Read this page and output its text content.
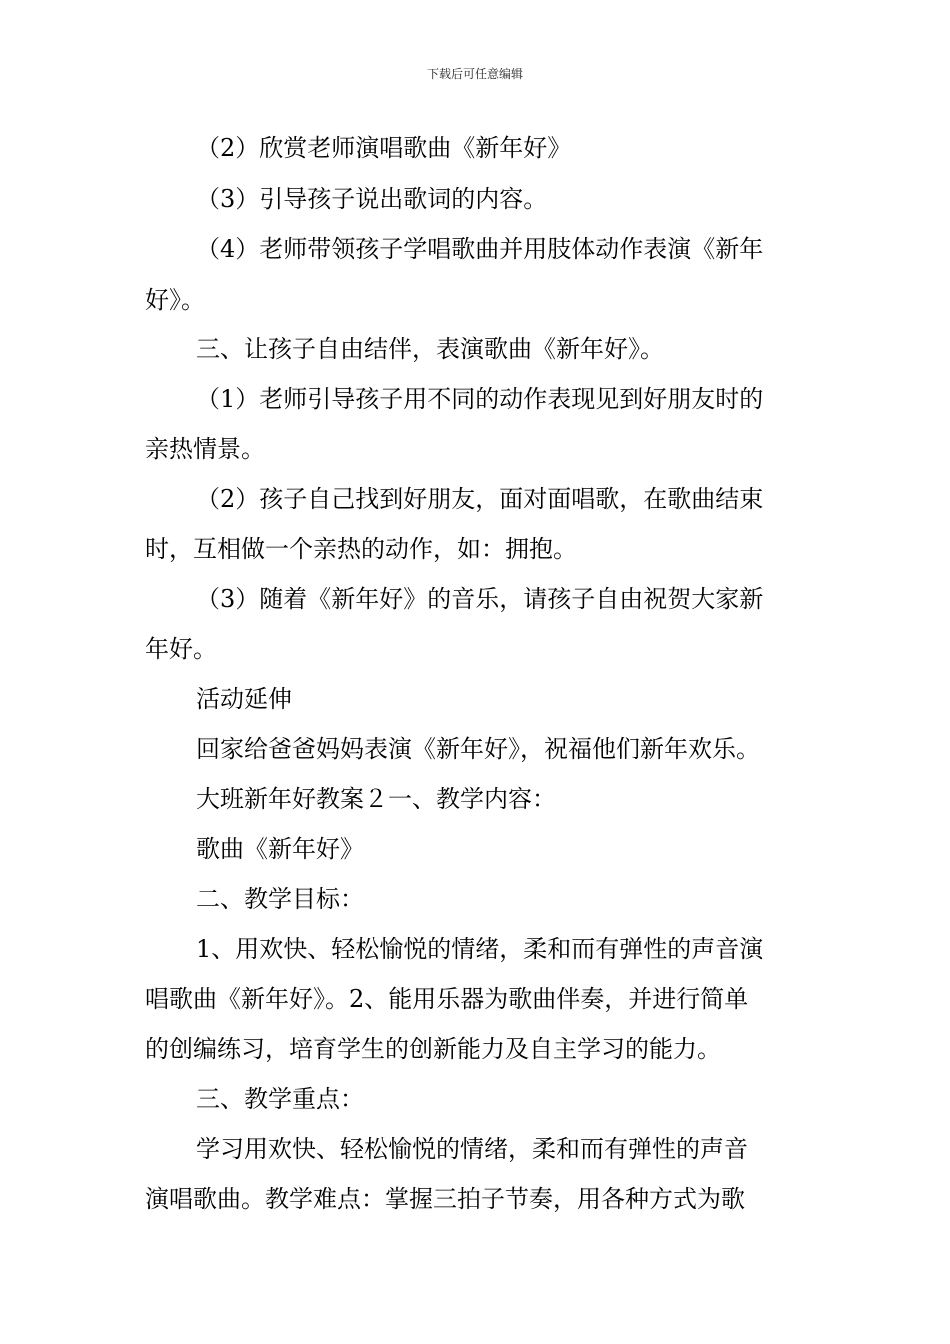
下载后可任意编辑
（2）欣赏老师演唱歌曲《新年好》
（3）引导孩子说出歌词的内容。
（4）老师带领孩子学唱歌曲并用肢体动作表演《新年
好》。
三、让孩子自由结伴，表演歌曲《新年好》。
（1）老师引导孩子用不同的动作表现见到好朋友时的
亲热情景。
（2）孩子自己找到好朋友，面对面唱歌，在歌曲结束
时，互相做一个亲热的动作，如：拥抱。
（3）随着《新年好》的音乐，请孩子自由祝贺大家新
年好。
活动延伸
回家给爸爸妈妈表演《新年好》，祝福他们新年欢乐。
大班新年好教案２一、教学内容：
歌曲《新年好》
二、教学目标：
1、用欢快、轻松愉悦的情绪，柔和而有弹性的声音演
唱歌曲《新年好》。2、能用乐器为歌曲伴奏，并进行简单
的创编练习，培育学生的创新能力及自主学习的能力。
三、教学重点：
学习用欢快、轻松愉悦的情绪，柔和而有弹性的声音
演唱歌曲。教学难点：掌握三拍子节奏，用各种方式为歌
